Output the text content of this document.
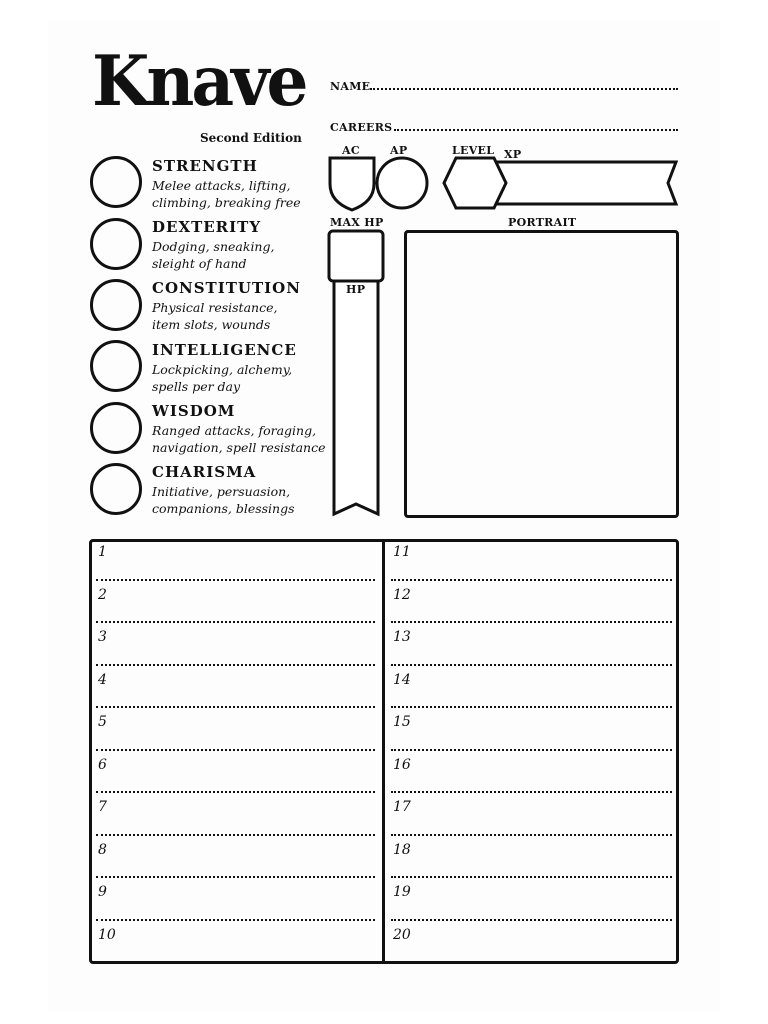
Knave
Second Edition
NAME
CAREERS
AC	AP	LEVEL XP
MAX HP	PORTRAIT
HP
STRENGTH
Melee attacks, lifting,
climbing, breaking free
DEXTERITY
Dodging, sneaking,
sleight of hand
CONSTITUTION
Physical resistance,
item slots, wounds
INTELLIGENCE
Lockpicking, alchemy,
spells per day
WISDOM
Ranged attacks, foraging,
navigation, spell resistance
CHARISMA
Initiative, persuasion,
companions, blessings
1	11
2	12
3	13
4	14
5	15
6	16
7	17
8	18
9	19
10	20
